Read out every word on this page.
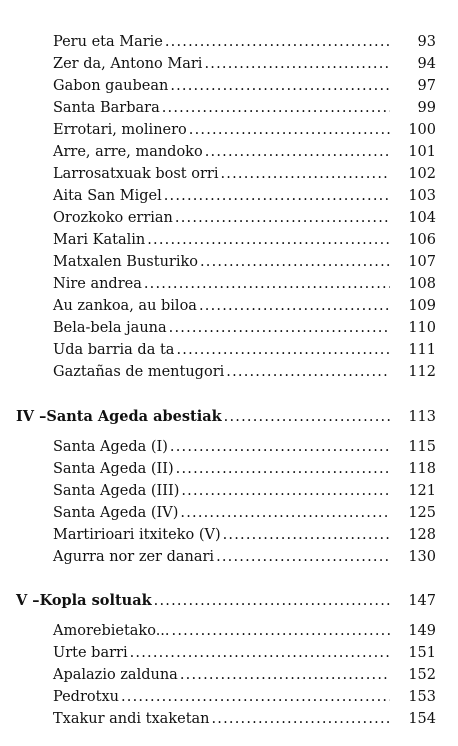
Peru eta Marie .....	93
Zer da, Antono Mari .....	94
Gabon gaubean .....	97
Santa Barbara .....	99
Errotari, molinero .....	100
Arre, arre, mandoko .....	101
Larrosatxuak bost orri .....	102
Aita San Migel .....	103
Orozkoko errian .....	104
Mari Katalin .....	106
Matxalen Busturiko .....	107
Nire andrea .....	108
Au zankoa, au biloa .....	109
Bela-bela jauna .....	110
Uda barria da ta .....	111
Gaztañas de mentugori .....	112
IV – Santa Ageda abestiak .....	113
Santa Ageda (I) .....	115
Santa Ageda (II) .....	118
Santa Ageda (III) .....	121
Santa Ageda (IV) .....	125
Martirioari itxiteko (V) .....	128
Agurra nor zer danari .....	130
V – Kopla soltuak .....	147
Amorebietako... .....	149
Urte barri .....	151
Apalazio zalduna .....	152
Pedrotxu .....	153
Txakur andi txaketan .....	154
